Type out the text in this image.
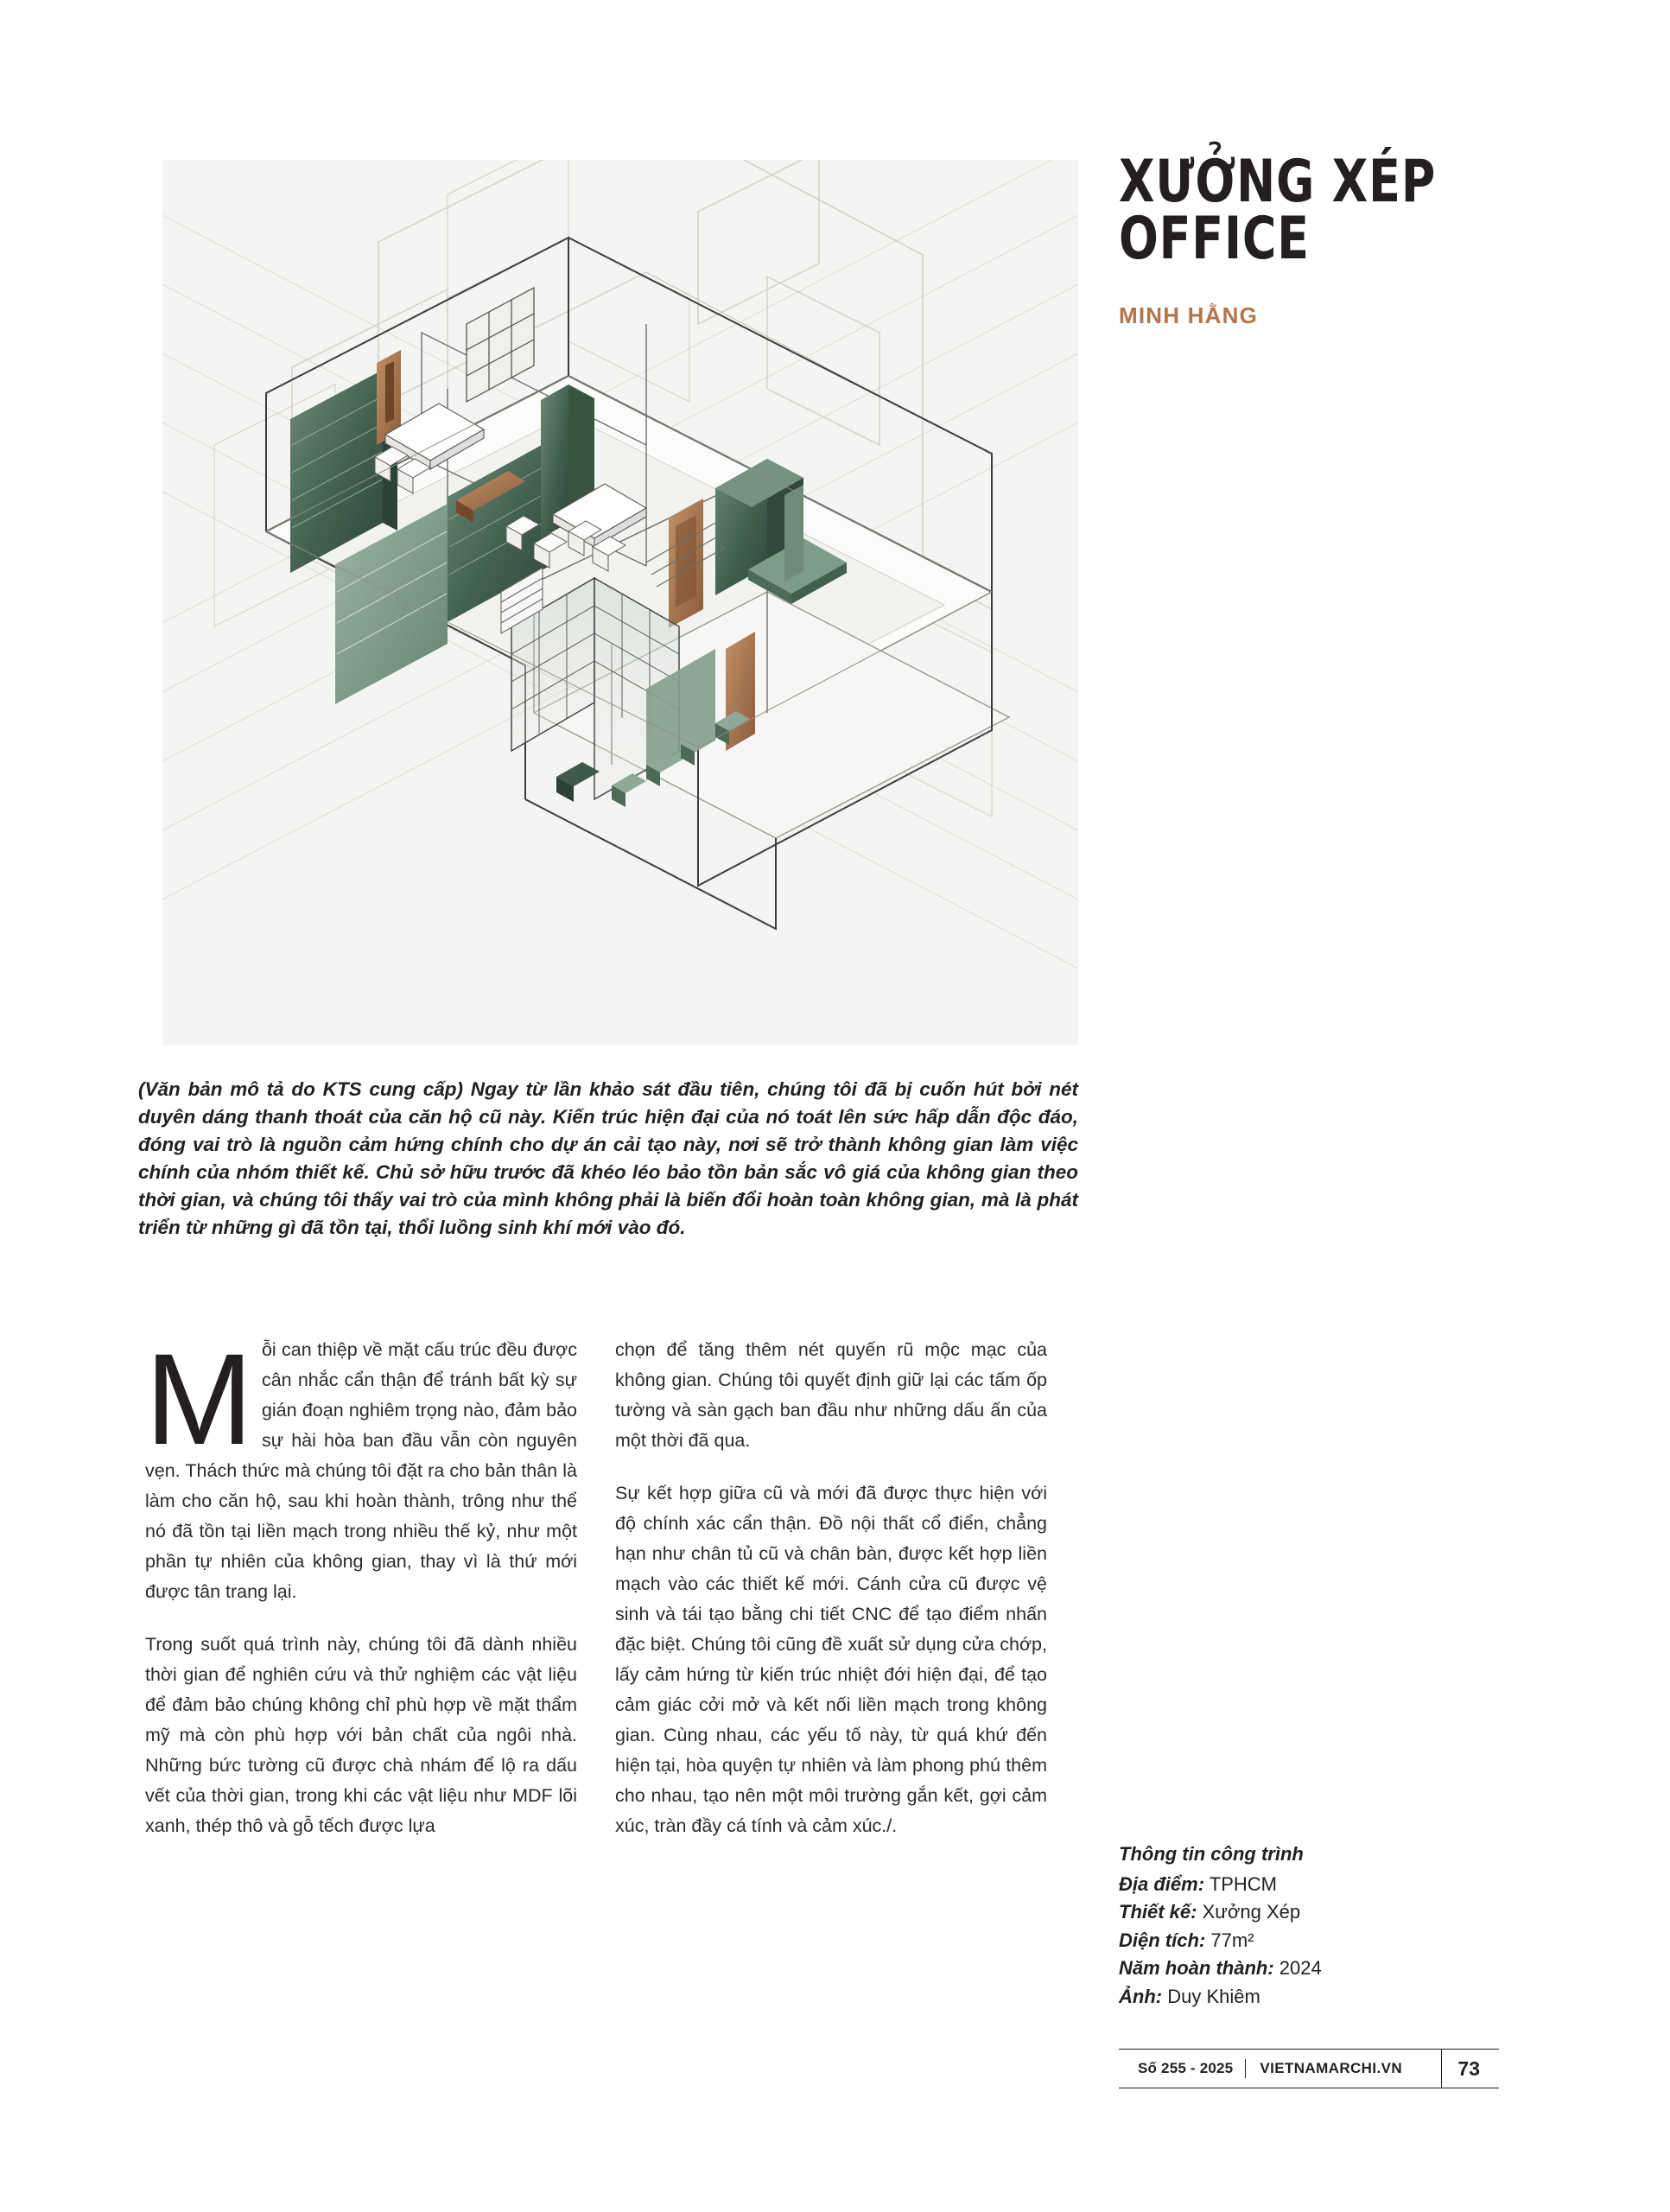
XƯỞNG XÉP
OFFICE
MINH HẰNG
(Văn bản mô tả do KTS cung cấp) Ngay từ lần khảo sát đầu tiên, chúng tôi đã bị cuốn hút bởi nét duyên dáng thanh thoát của căn hộ cũ này. Kiến trúc hiện đại của nó toát lên sức hấp dẫn độc đáo, đóng vai trò là nguồn cảm hứng chính cho dự án cải tạo này, nơi sẽ trở thành không gian làm việc chính của nhóm thiết kế. Chủ sở hữu trước đã khéo léo bảo tồn bản sắc vô giá của không gian theo thời gian, và chúng tôi thấy vai trò của mình không phải là biến đổi hoàn toàn không gian, mà là phát triển từ những gì đã tồn tại, thổi luồng sinh khí mới vào đó.

Mỗi can thiệp về mặt cấu trúc đều được cân nhắc cẩn thận để tránh bất kỳ sự gián đoạn nghiêm trọng nào, đảm bảo sự hài hòa ban đầu vẫn còn nguyên vẹn. Thách thức mà chúng tôi đặt ra cho bản thân là làm cho căn hộ, sau khi hoàn thành, trông như thể nó đã tồn tại liền mạch trong nhiều thế kỷ, như một phần tự nhiên của không gian, thay vì là thứ mới được tân trang lại.

Trong suốt quá trình này, chúng tôi đã dành nhiều thời gian để nghiên cứu và thử nghiệm các vật liệu để đảm bảo chúng không chỉ phù hợp về mặt thẩm mỹ mà còn phù hợp với bản chất của ngôi nhà. Những bức tường cũ được chà nhám để lộ ra dấu vết của thời gian, trong khi các vật liệu như MDF lõi xanh, thép thô và gỗ tếch được lựa

chọn để tăng thêm nét quyến rũ mộc mạc của không gian. Chúng tôi quyết định giữ lại các tấm ốp tường và sàn gạch ban đầu như những dấu ấn của một thời đã qua.

Sự kết hợp giữa cũ và mới đã được thực hiện với độ chính xác cẩn thận. Đồ nội thất cổ điển, chẳng hạn như chân tủ cũ và chân bàn, được kết hợp liền mạch vào các thiết kế mới. Cánh cửa cũ được vệ sinh và tái tạo bằng chi tiết CNC để tạo điểm nhấn đặc biệt. Chúng tôi cũng đề xuất sử dụng cửa chớp, lấy cảm hứng từ kiến trúc nhiệt đới hiện đại, để tạo cảm giác cởi mở và kết nối liền mạch trong không gian. Cùng nhau, các yếu tố này, từ quá khứ đến hiện tại, hòa quyện tự nhiên và làm phong phú thêm cho nhau, tạo nên một môi trường gắn kết, gợi cảm xúc, tràn đầy cá tính và cảm xúc./.

Thông tin công trình
Địa điểm: TPHCM
Thiết kế: Xưởng Xép
Diện tích: 77m²
Năm hoàn thành: 2024
Ảnh: Duy Khiêm
Số 255 - 2025	VIETNAMARCHI.VN	73
